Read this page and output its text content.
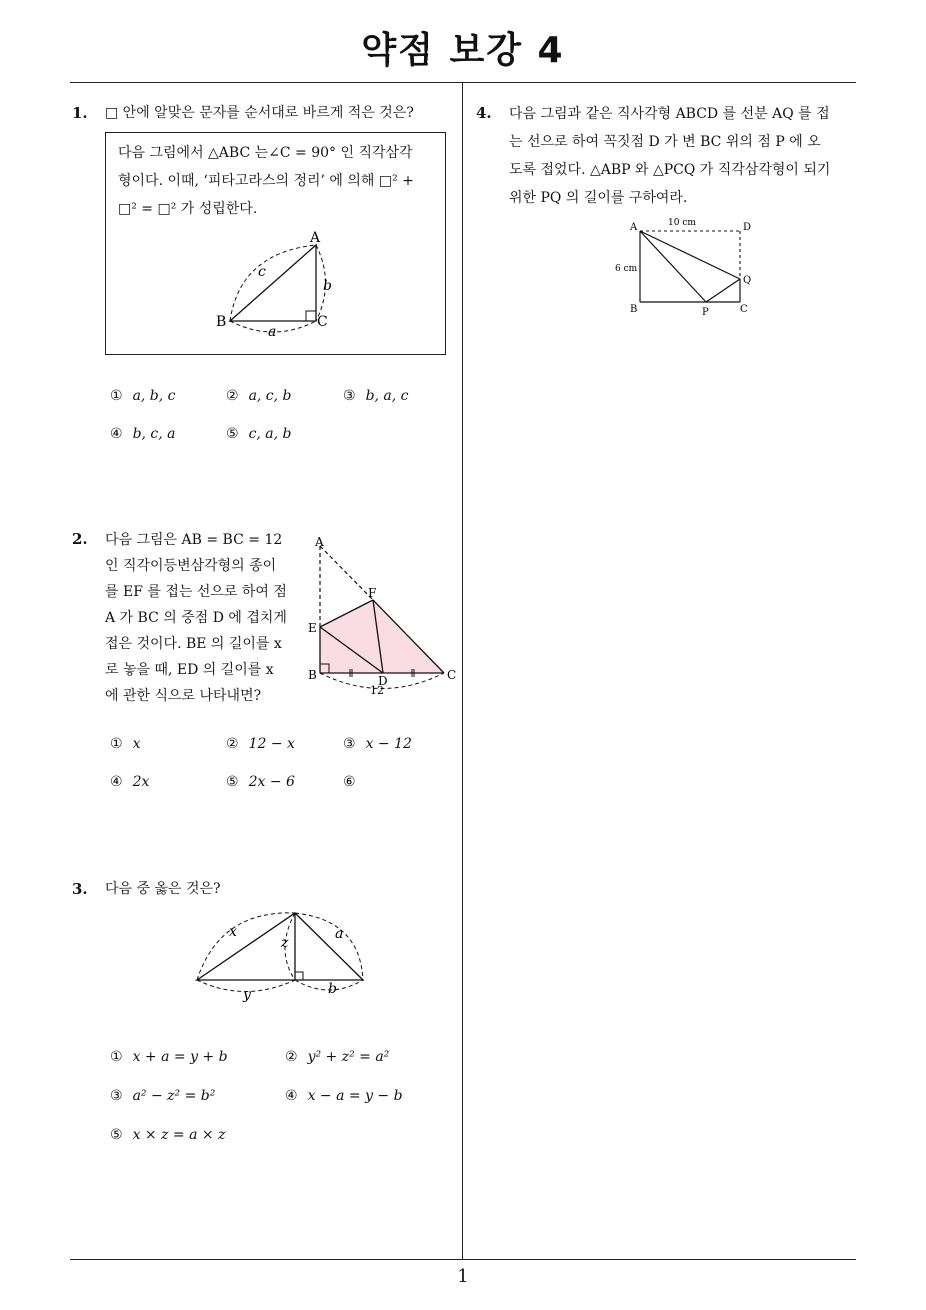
약점 보강 4
1
1. □ 안에 알맞은 문자를 순서대로 바르게 적은 것은?
다음 그림에서 △ABC 는∠C = 90° 인 직각삼각
형이다. 이때, ‘피타고라스의 정리’ 에 의해 □² +
□² = □² 가 성립한다.
A
B	C
c
b
a
① a, b, c	② a, c, b	③ b, a, c
④ b, c, a	⑤ c, a, b
2. 다음 그림은 AB = BC = 12
인 직각이등변삼각형의 종이
를 EF 를 접는 선으로 하여 점
A 가 BC 의 중점 D 에 겹치게
접은 것이다. BE 의 길이를 x
로 놓을 때, ED 의 길이를 x
에 관한 식으로 나타내면?
A
F
E
B	D	C
12
① x	② 12 − x	③ x − 12
④ 2x	⑤ 2x − 6	⑥
3. 다음 중 옳은 것은?
x
z
a
y	b
① x + a = y + b	② y² + z² = a²
③ a² − z² = b²	④ x − a = y − b
⑤ x × z = a × z
4. 다음 그림과 같은 직사각형 ABCD 를 선분 AQ 를 접
는 선으로 하여 꼭짓점 D 가 변 BC 위의 점 P 에 오
도록 접었다. △ABP 와 △PCQ 가 직각삼각형이 되기
위한 PQ 의 길이를 구하여라.
A	D
Q
B	P	C
10 cm
6 cm
